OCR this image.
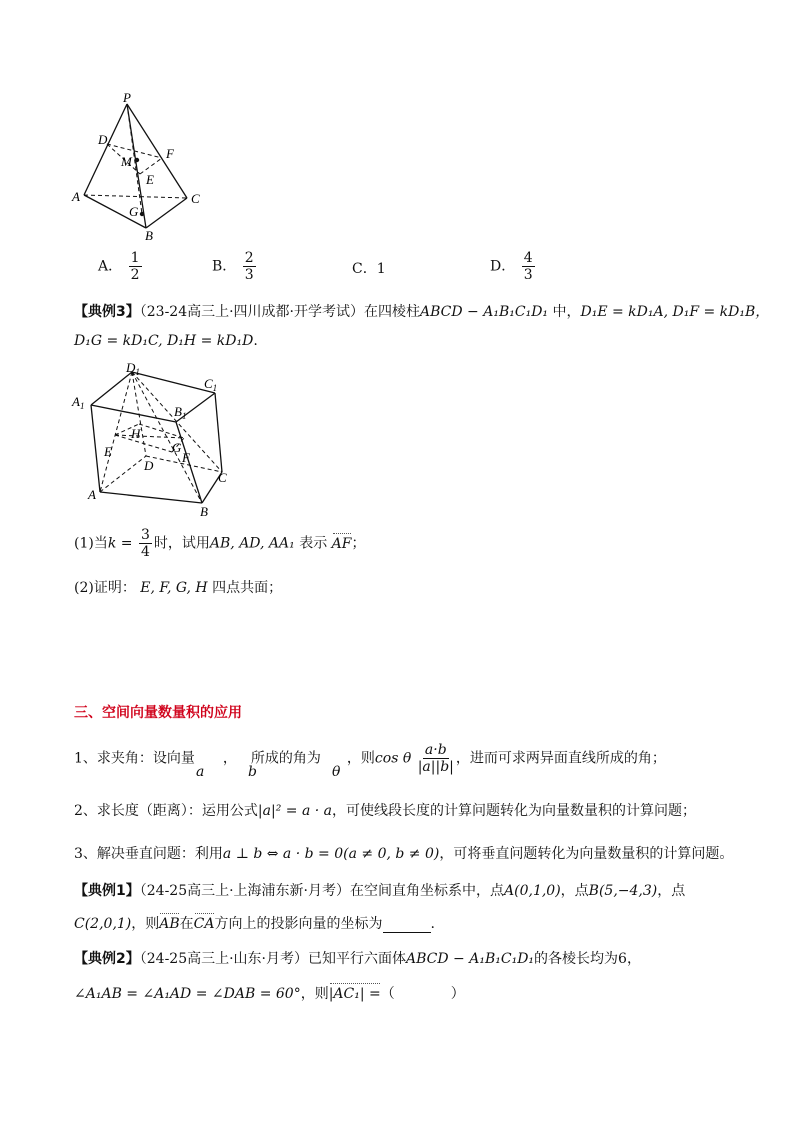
P
D
F
M
E
A	C
G
B
A． $\frac{1}{2}$	B． $\frac{2}{3}$	C．1	D． $\frac{4}{3}$
【典例3】（23-24高三上·四川成都·开学考试）在四棱柱ABCD − A₁B₁C₁D₁ 中，D₁E = kD₁A, D₁F = kD₁B，
D₁G = kD₁C, D₁H = kD₁D.
$D_1$
$A_1$	$B_1$
$C_1$
H
E	G
F
D
A
C
B
(1)当$k = \frac{3}{4}$ 时，试用AB, AD, AA₁ 表示 AF；
(2)证明： E, F, G, H 四点共面；
三、空间向量数量积的应用
1、求夹角：设向量 ， 所成的角为 ，则cos θ $\frac{a\cdot b}{|a||b|}$ ，进而可求两异面直线所成的角；
a	b	θ
2、求长度（距离）：运用公式|a|² = a · a，可使线段长度的计算问题转化为向量数量积的计算问题；
3、解决垂直问题：利用a ⊥ b ⇔ a · b = 0(a ≠ 0, b ≠ 0)，可将垂直问题转化为向量数量积的计算问题。
【典例1】（24-25高三上·上海浦东新·月考）在空间直角坐标系中，点A(0,1,0)，点B(5,−4,3)，点
C(2,0,1)，则AB在CA方向上的投影向量的坐标为	.
【典例2】（24-25高三上·山东·月考）已知平行六面体ABCD − A₁B₁C₁D₁的各棱长均为6，
∠A₁AB = ∠A₁AD = ∠DAB = 60°，则|AC₁| =（　　　　）
